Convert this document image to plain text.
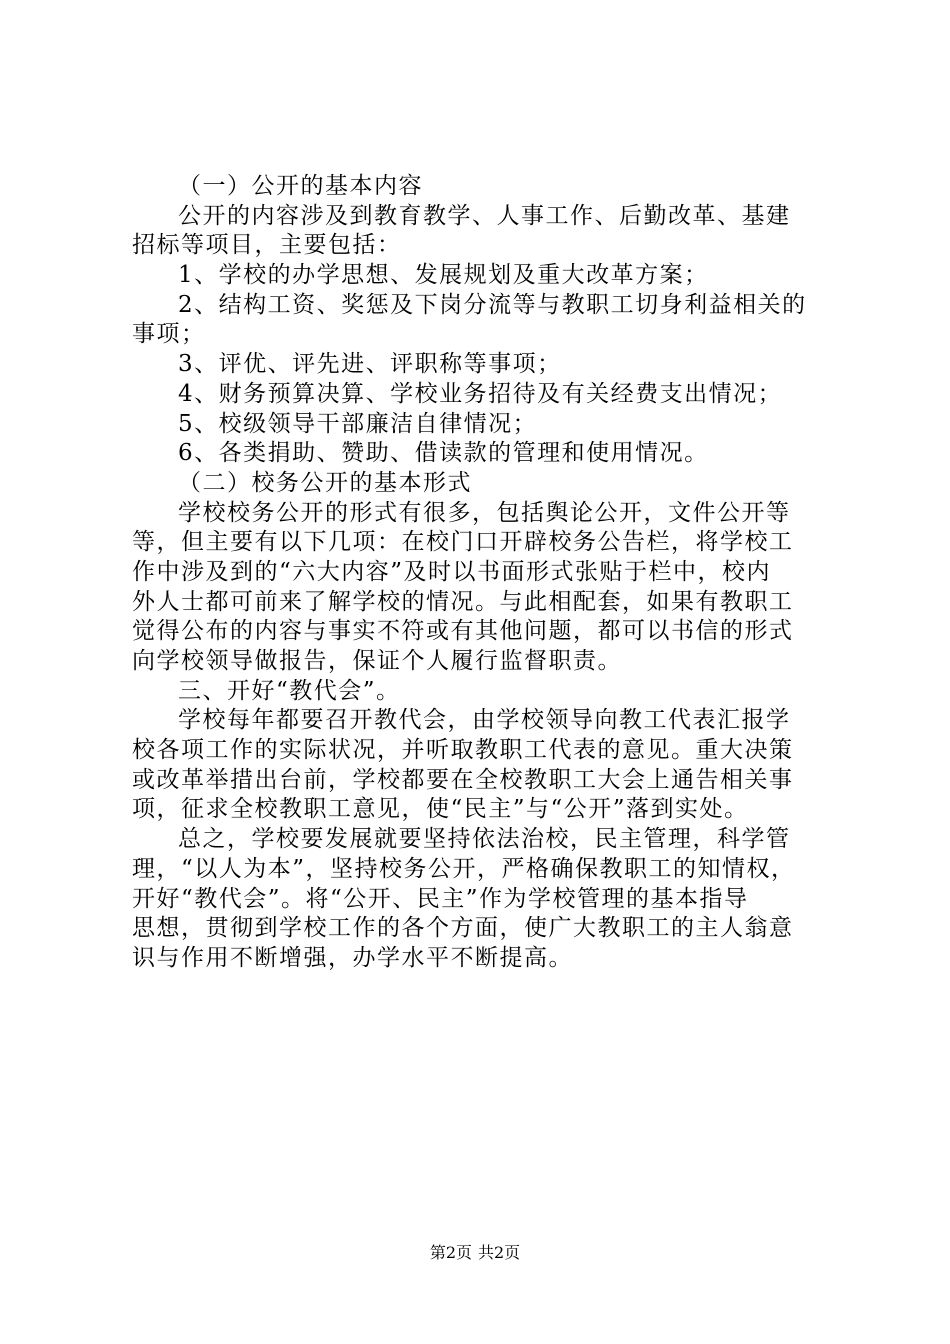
（一）公开的基本内容
公开的内容涉及到教育教学、人事工作、后勤改革、基建
招标等项目，主要包括：
1、学校的办学思想、发展规划及重大改革方案；
2、结构工资、奖惩及下岗分流等与教职工切身利益相关的
事项；
3、评优、评先进、评职称等事项；
4、财务预算决算、学校业务招待及有关经费支出情况；
5、校级领导干部廉洁自律情况；
6、各类捐助、赞助、借读款的管理和使用情况。
（二）校务公开的基本形式
学校校务公开的形式有很多，包括舆论公开，文件公开等
等，但主要有以下几项：在校门口开辟校务公告栏，将学校工
作中涉及到的“六大内容”及时以书面形式张贴于栏中，校内
外人士都可前来了解学校的情况。与此相配套，如果有教职工
觉得公布的内容与事实不符或有其他问题，都可以书信的形式
向学校领导做报告，保证个人履行监督职责。
三、开好“教代会”。
学校每年都要召开教代会，由学校领导向教工代表汇报学
校各项工作的实际状况，并听取教职工代表的意见。重大决策
或改革举措出台前，学校都要在全校教职工大会上通告相关事
项，征求全校教职工意见，使“民主”与“公开”落到实处。
总之，学校要发展就要坚持依法治校，民主管理，科学管
理，“以人为本”，坚持校务公开，严格确保教职工的知情权，
开好“教代会”。将“公开、民主”作为学校管理的基本指导
思想，贯彻到学校工作的各个方面，使广大教职工的主人翁意
识与作用不断增强，办学水平不断提高。
第2页 共2页
